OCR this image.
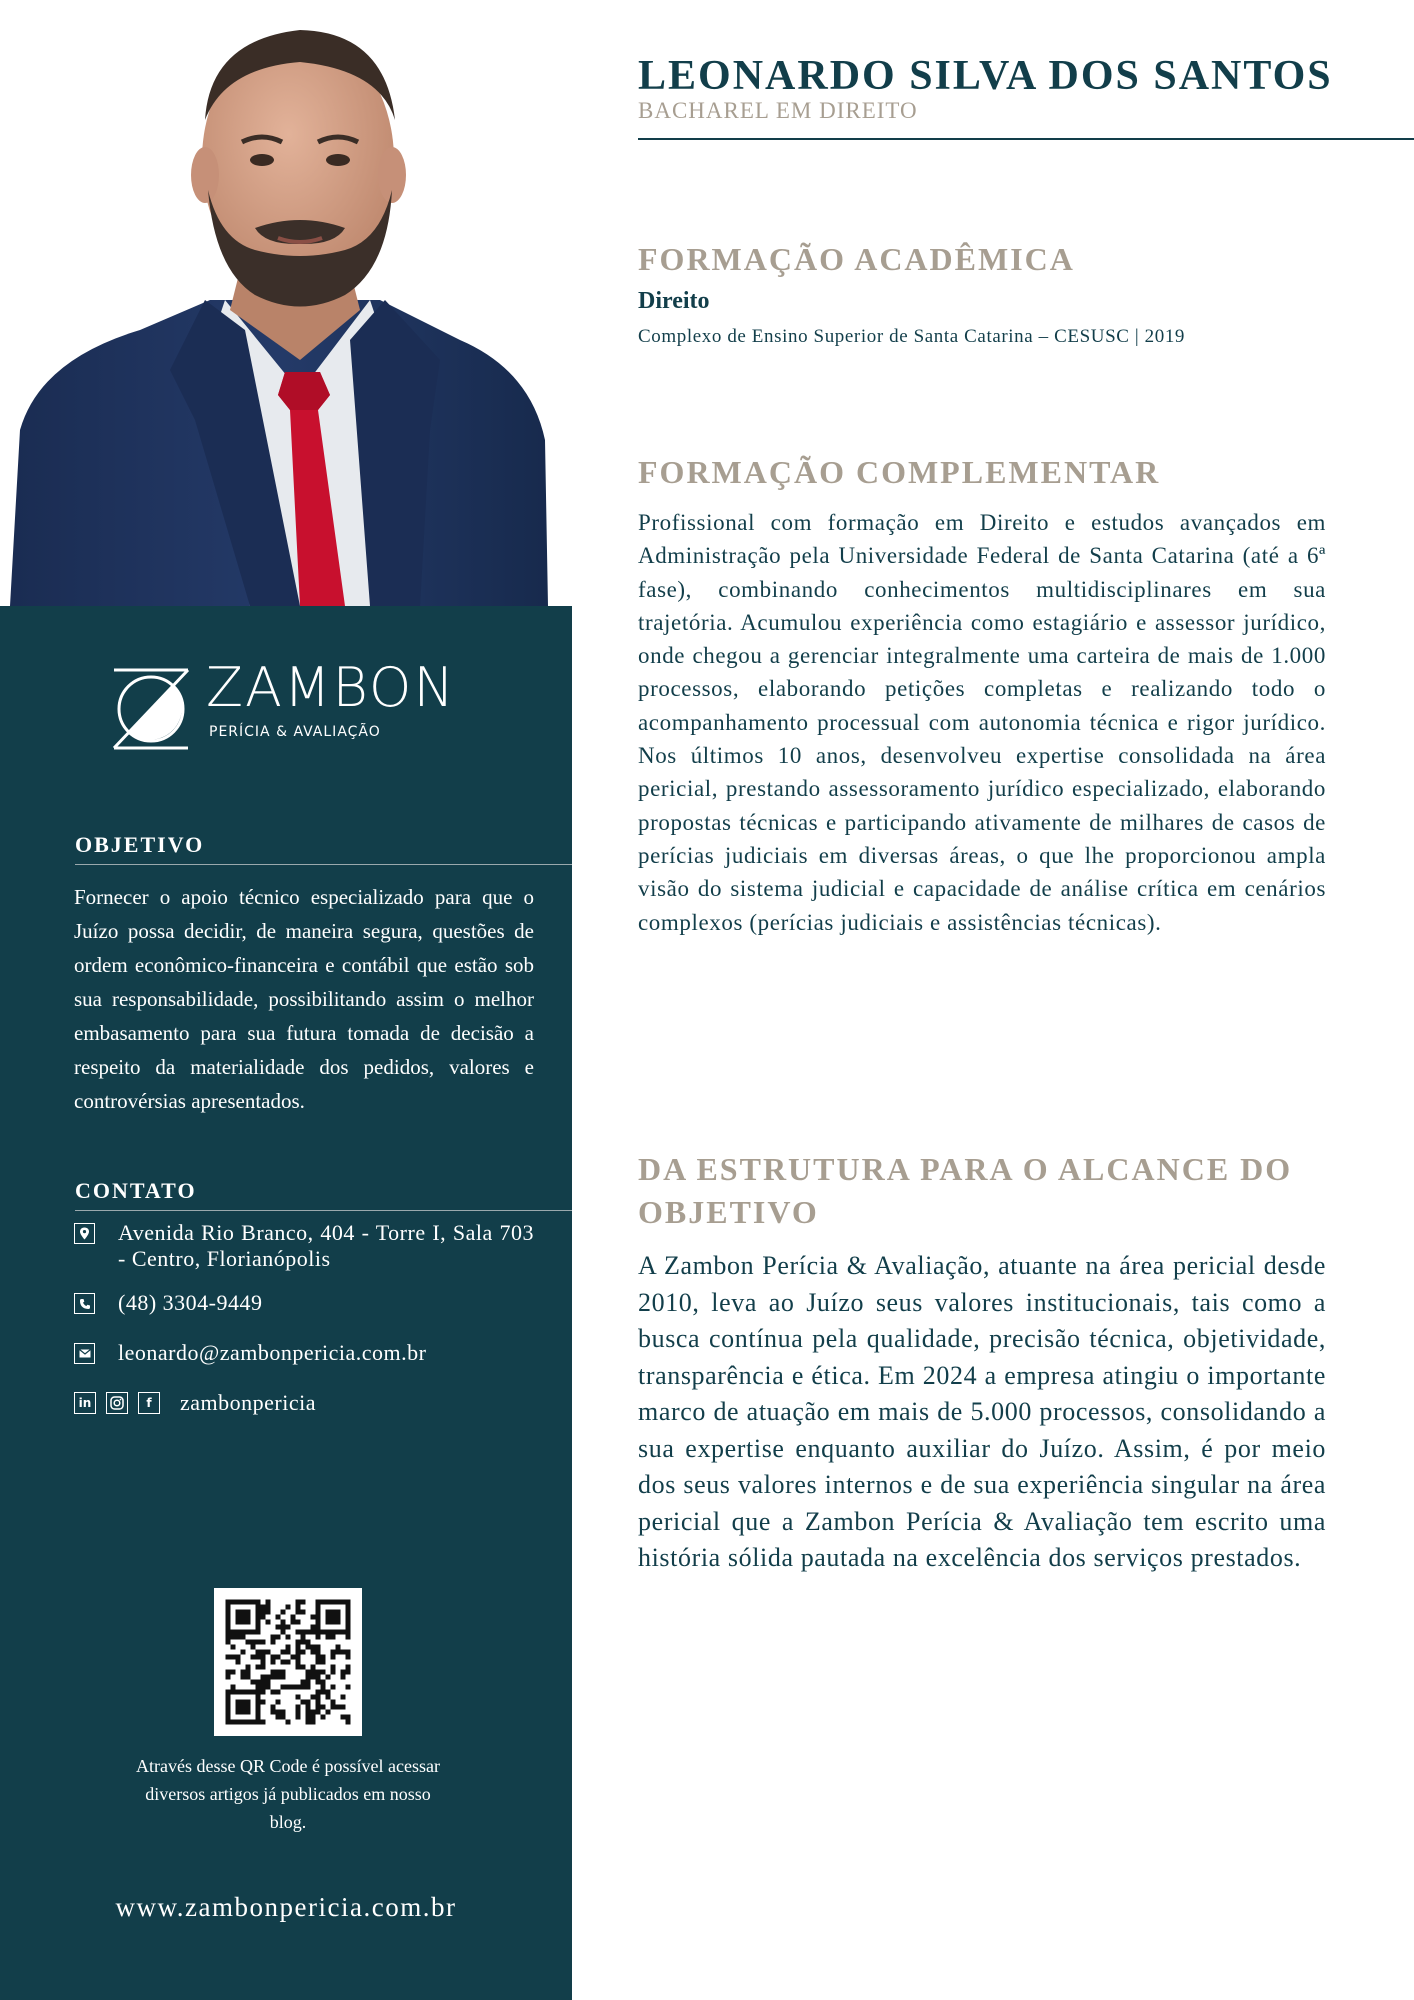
ZAMBON
PERÍCIA & AVALIAÇÃO
OBJETIVO

Fornecer o apoio técnico especializado para que o Juízo possa decidir, de maneira segura, questões de ordem econômico-financeira e contábil que estão sob sua responsabilidade, possibilitando assim o melhor embasamento para sua futura tomada de decisão a respeito da materialidade dos pedidos, valores e controvérsias apresentados.

CONTATO
Avenida Rio Branco, 404 - Torre I, Sala 703 - Centro, Florianópolis
(48) 3304-9449
leonardo@zambonpericia.com.br
in	f	zambonpericia
Através desse QR Code é possível acessar diversos artigos já publicados em nosso blog.
www.zambonpericia.com.br
LEONARDO SILVA DOS SANTOS
BACHAREL EM DIREITO
FORMAÇÃO ACADÊMICA
Direito
Complexo de Ensino Superior de Santa Catarina – CESUSC | 2019
FORMAÇÃO COMPLEMENTAR

Profissional com formação em Direito e estudos avançados em Administração pela Universidade Federal de Santa Catarina (até a 6ª fase), combinando conhecimentos multidisciplinares em sua trajetória. Acumulou experiência como estagiário e assessor jurídico, onde chegou a gerenciar integralmente uma carteira de mais de 1.000 processos, elaborando petições completas e realizando todo o acompanhamento processual com autonomia técnica e rigor jurídico. Nos últimos 10 anos, desenvolveu expertise consolidada na área pericial, prestando assessoramento jurídico especializado, elaborando propostas técnicas e participando ativamente de milhares de casos de perícias judiciais em diversas áreas, o que lhe proporcionou ampla visão do sistema judicial e capacidade de análise crítica em cenários complexos (perícias judiciais e assistências técnicas).

DA ESTRUTURA PARA O ALCANCE DO OBJETIVO

A Zambon Perícia & Avaliação, atuante na área pericial desde 2010, leva ao Juízo seus valores institucionais, tais como a busca contínua pela qualidade, precisão técnica, objetividade, transparência e ética. Em 2024 a empresa atingiu o importante marco de atuação em mais de 5.000 processos, consolidando a sua expertise enquanto auxiliar do Juízo. Assim, é por meio dos seus valores internos e de sua experiência singular na área pericial que a Zambon Perícia & Avaliação tem escrito uma história sólida pautada na excelência dos serviços prestados.
